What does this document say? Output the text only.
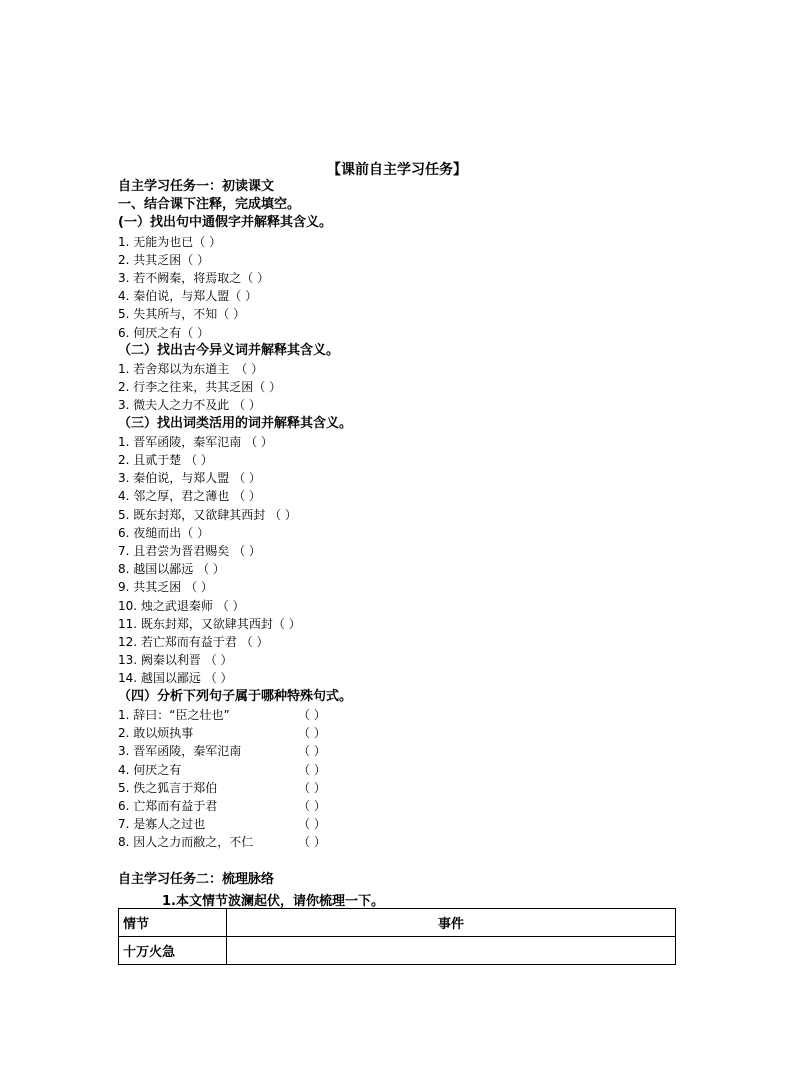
【课前自主学习任务】
自主学习任务一：初读课文
一、结合课下注释，完成填空。
(一）找出句中通假字并解释其含义。
1. 无能为也已（ ）
2. 共其乏困（ ）
3. 若不阙秦，将焉取之（ ）
4. 秦伯说，与郑人盟（ ）
5. 失其所与，不知（ ）
6. 何厌之有（ ）
（二）找出古今异义词并解释其含义。
1. 若舍郑以为东道主　（ ）
2. 行李之往来，共其乏困（ ）
3. 微夫人之力不及此 （ ）
（三）找出词类活用的词并解释其含义。
1. 晋军函陵，秦军氾南 （ ）
2. 且贰于楚 （ ）
3. 秦伯说，与郑人盟 （ ）
4. 邻之厚，君之薄也 （ ）
5. 既东封郑，又欲肆其西封 （ ）
6. 夜缒而出（ ）
7. 且君尝为晋君赐矣 （ ）
8. 越国以鄙远 （ ）
9. 共其乏困 （ ）
10. 烛之武退秦师 （ ）
11. 既东封郑，又欲肆其西封（ ）
12. 若亡郑而有益于君 （ ）
13. 阙秦以利晋 （ ）
14. 越国以鄙远 （ ）
（四）分析下列句子属于哪种特殊句式。
1. 辞曰：“臣之壮也”	（ ）
2. 敢以烦执事	（ ）
3. 晋军函陵，秦军氾南	（ ）
4. 何厌之有	（ ）
5. 佚之狐言于郑伯	（ ）
6. 亡郑而有益于君	（ ）
7. 是寡人之过也	（ ）
8. 因人之力而敝之，不仁	（ ）
自主学习任务二：梳理脉络
1.本文情节波澜起伏，请你梳理一下。
情节	事件
十万火急	
